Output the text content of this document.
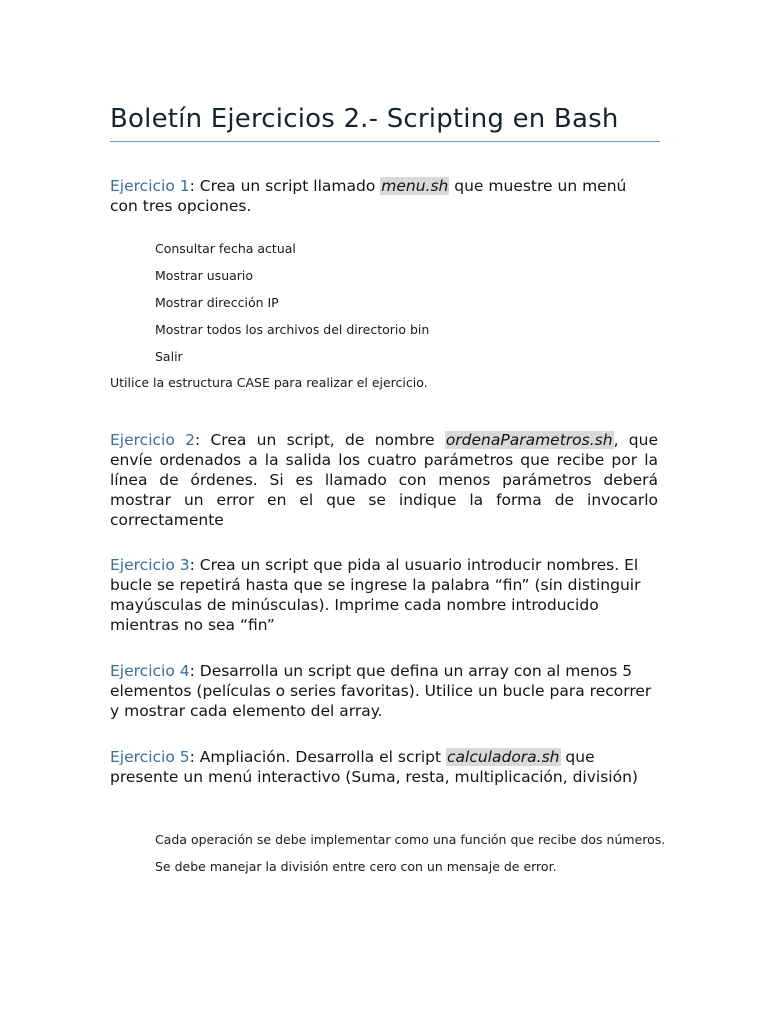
Boletín Ejercicios 2.- Scripting en Bash
Ejercicio 1: Crea un script llamado menu.sh que muestre un menú con tres opciones.
Consultar fecha actual
Mostrar usuario
Mostrar dirección IP
Mostrar todos los archivos del directorio bin
Salir
Utilice la estructura CASE para realizar el ejercicio.
Ejercicio 2: Crea un script, de nombre ordenaParametros.sh, que envíe ordenados a la salida los cuatro parámetros que recibe por la línea de órdenes. Si es llamado con menos parámetros deberá mostrar un error en el que se indique la forma de invocarlo correctamente
Ejercicio 3: Crea un script que pida al usuario introducir nombres. El bucle se repetirá hasta que se ingrese la palabra “fin” (sin distinguir mayúsculas de minúsculas). Imprime cada nombre introducido mientras no sea “fin”
Ejercicio 4: Desarrolla un script que defina un array con al menos 5 elementos (películas o series favoritas). Utilice un bucle para recorrer y mostrar cada elemento del array.
Ejercicio 5: Ampliación. Desarrolla el script calculadora.sh que presente un menú interactivo (Suma, resta, multiplicación, división)
Cada operación se debe implementar como una función que recibe dos números.
Se debe manejar la división entre cero con un mensaje de error.
